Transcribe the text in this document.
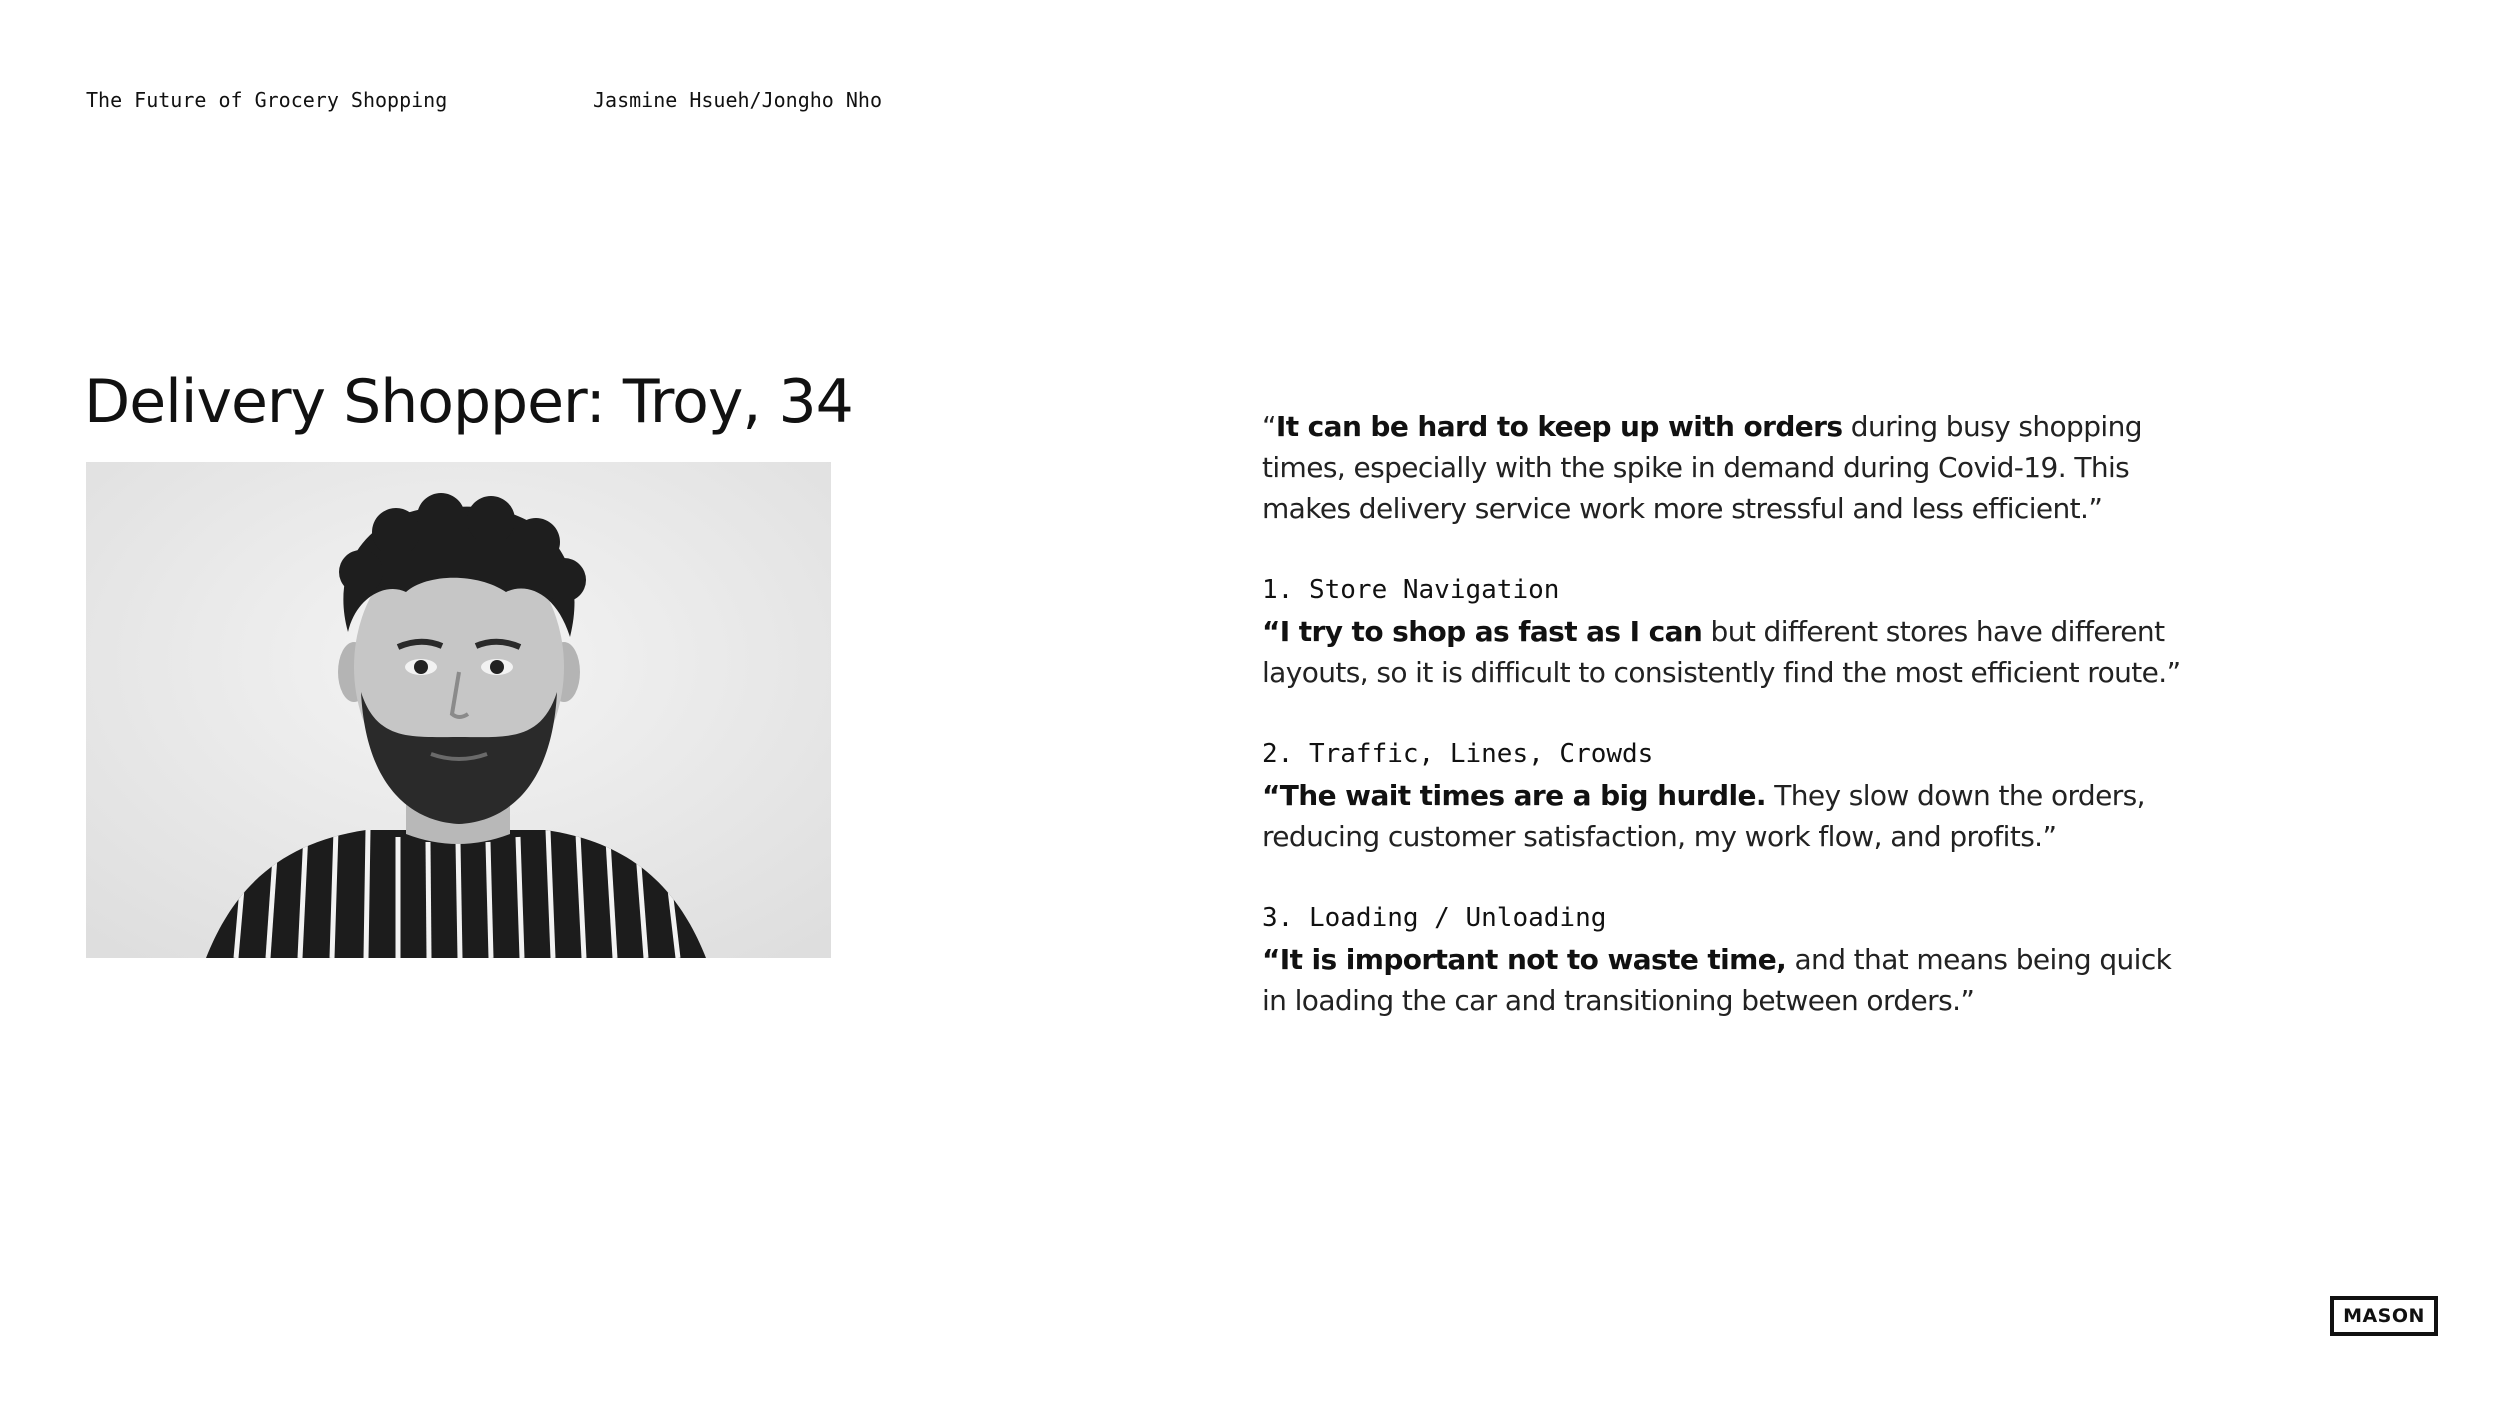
The Future of Grocery Shopping	Jasmine Hsueh/Jongho Nho
Delivery Shopper: Troy, 34	“It can be hard to keep up with orders during busy shopping times, especially with the spike in demand during Covid-19. This makes delivery service work more stressful and less efficient.”

1. Store Navigation

“I try to shop as fast as I can but different stores have different layouts, so it is difficult to consistently find the most efficient route.”

2. Traffic, Lines, Crowds

“The wait times are a big hurdle. They slow down the orders, reducing customer satisfaction, my work flow, and profits.”

3. Loading / Unloading

“It is important not to waste time, and that means being quick in loading the car and transitioning between orders.”

MASON
